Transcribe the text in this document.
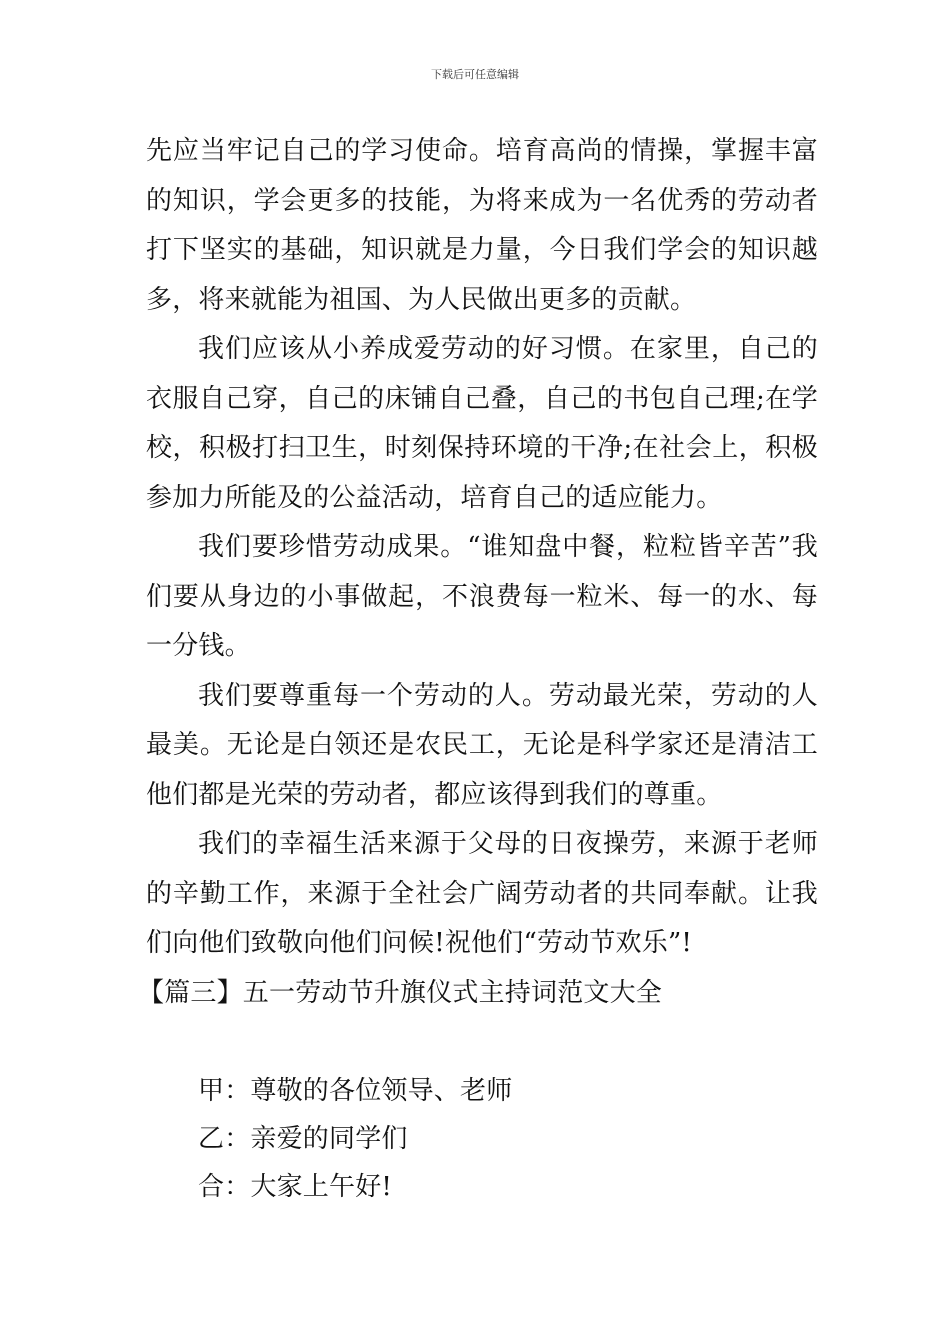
下载后可任意编辑

先应当牢记自己的学习使命。培育高尚的情操，掌握丰富的知识，学会更多的技能，为将来成为一名优秀的劳动者打下坚实的基础，知识就是力量，今日我们学会的知识越多，将来就能为祖国、为人民做出更多的贡献。

我们应该从小养成爱劳动的好习惯。在家里，自己的衣服自己穿，自己的床铺自己叠，自己的书包自己理;在学校，积极打扫卫生，时刻保持环境的干净;在社会上，积极参加力所能及的公益活动，培育自己的适应能力。

我们要珍惜劳动成果。“谁知盘中餐，粒粒皆辛苦”我们要从身边的小事做起，不浪费每一粒米、每一的水、每一分钱。

我们要尊重每一个劳动的人。劳动最光荣，劳动的人最美。无论是白领还是农民工，无论是科学家还是清洁工他们都是光荣的劳动者，都应该得到我们的尊重。

我们的幸福生活来源于父母的日夜操劳，来源于老师的辛勤工作，来源于全社会广阔劳动者的共同奉献。让我们向他们致敬向他们问候!祝他们“劳动节欢乐”!

【篇三】五一劳动节升旗仪式主持词范文大全

甲：尊敬的各位领导、老师

乙：亲爱的同学们

合：大家上午好!
